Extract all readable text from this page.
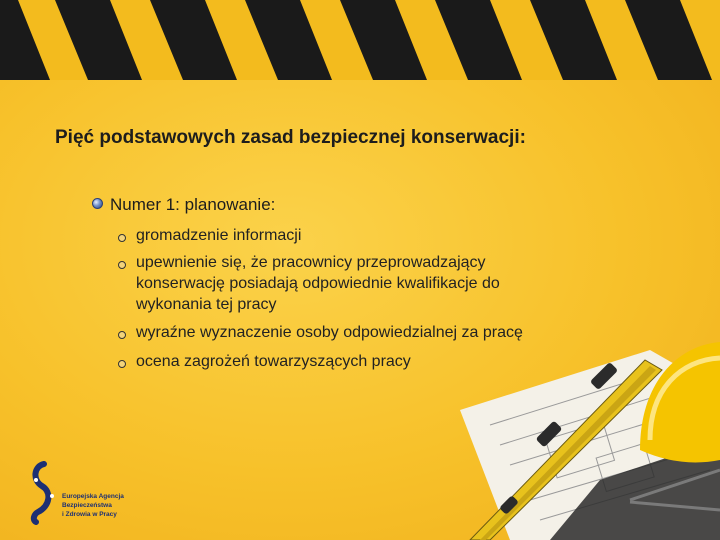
Pięć podstawowych zasad bezpiecznej konserwacji:
Numer 1: planowanie:
gromadzenie informacji
upewnienie się, że pracownicy przeprowadzający
konserwację posiadają odpowiednie kwalifikacje do
wykonania tej pracy
wyraźne wyznaczenie osoby odpowiedzialnej za pracę
ocena zagrożeń towarzyszących pracy
Europejska Agencja
Bezpieczeństwa
i Zdrowia w Pracy
